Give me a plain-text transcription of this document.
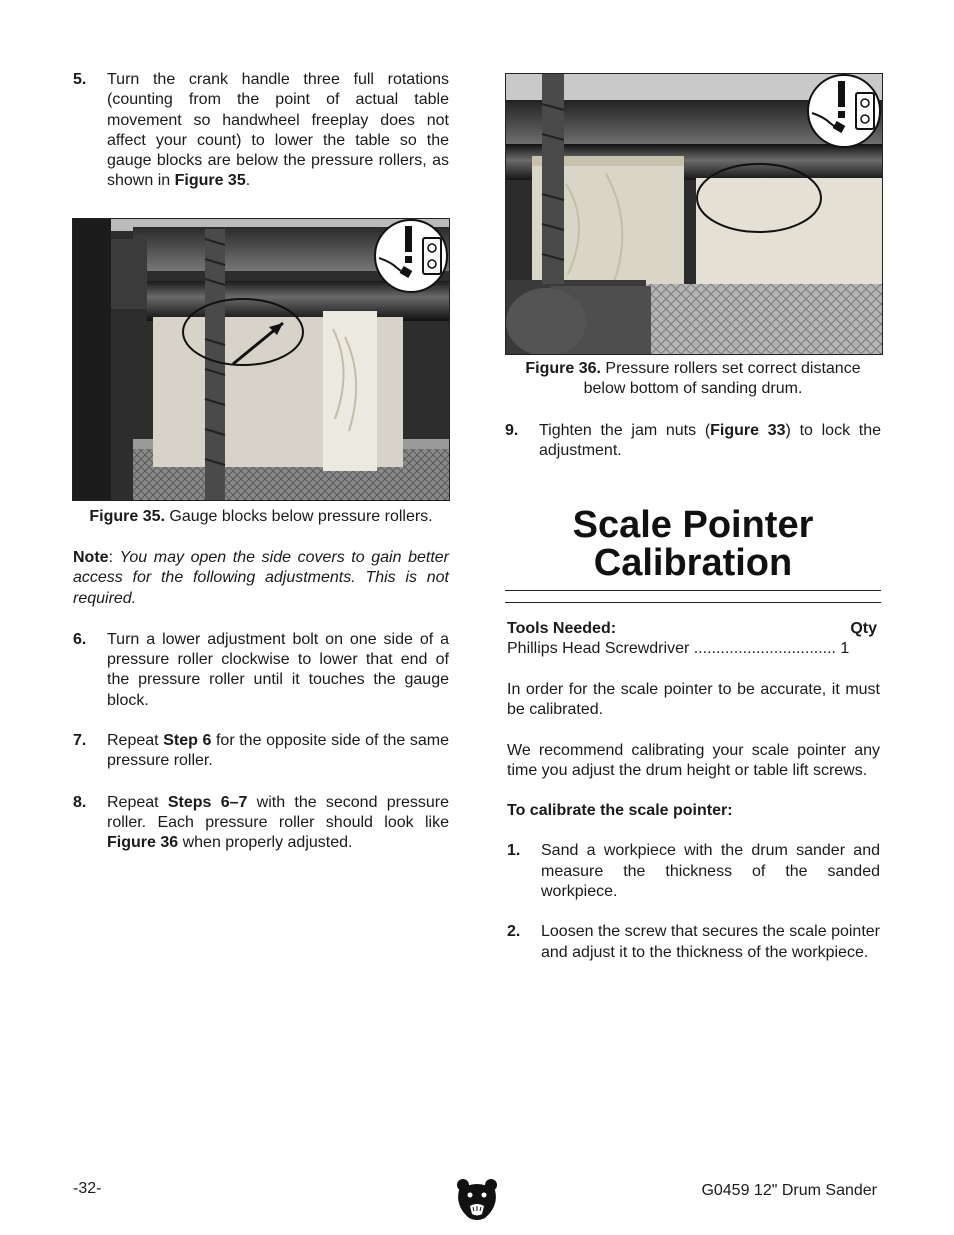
5. Turn the crank handle three full rotations (counting from the point of actual table movement so handwheel freeplay does not affect your count) to lower the table so the gauge blocks are below the pressure rollers, as shown in Figure 35.
Figure 35. Gauge blocks below pressure rollers.
Note: You may open the side covers to gain better access for the following adjustments. This is not required.
6. Turn a lower adjustment bolt on one side of a pressure roller clockwise to lower that end of the pressure roller until it touches the gauge block.
7. Repeat Step 6 for the opposite side of the same pressure roller.
8. Repeat Steps 6–7 with the second pressure roller. Each pressure roller should look like Figure 36 when properly adjusted.
Figure 36. Pressure rollers set correct distance below bottom of sanding drum.
9. Tighten the jam nuts (Figure 33) to lock the adjustment.
Scale Pointer
Calibration
Tools Needed:	Qty
Phillips Head Screwdriver ................................ 1
In order for the scale pointer to be accurate, it must be calibrated.
We recommend calibrating your scale pointer any time you adjust the drum height or table lift screws.
To calibrate the scale pointer:
1. Sand a workpiece with the drum sander and measure the thickness of the sanded workpiece.
2. Loosen the screw that secures the scale pointer and adjust it to the thickness of the workpiece.
-32-	G0459 12" Drum Sander
